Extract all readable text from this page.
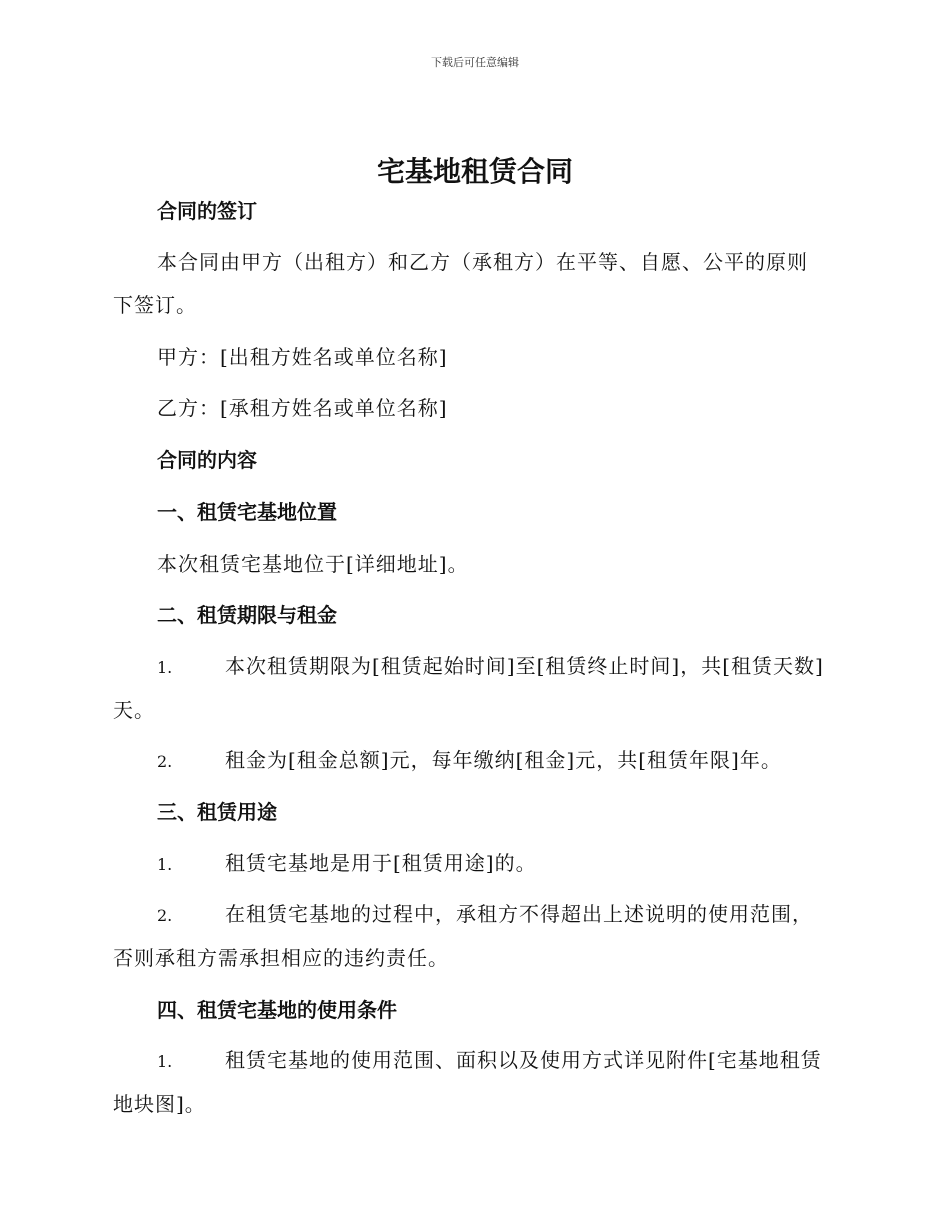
下载后可任意编辑
宅基地租赁合同
合同的签订
本合同由甲方（出租方）和乙方（承租方）在平等、自愿、公平的原则
下签订。
甲方：[出租方姓名或单位名称]
乙方：[承租方姓名或单位名称]
合同的内容
一、租赁宅基地位置
本次租赁宅基地位于[详细地址]。
二、租赁期限与租金
1.	本次租赁期限为[租赁起始时间]至[租赁终止时间]，共[租赁天数]
天。
2.	租金为[租金总额]元，每年缴纳[租金]元，共[租赁年限]年。
三、租赁用途
1.	租赁宅基地是用于[租赁用途]的。
2.	在租赁宅基地的过程中，承租方不得超出上述说明的使用范围，
否则承租方需承担相应的违约责任。
四、租赁宅基地的使用条件
1.	租赁宅基地的使用范围、面积以及使用方式详见附件[宅基地租赁
地块图]。
